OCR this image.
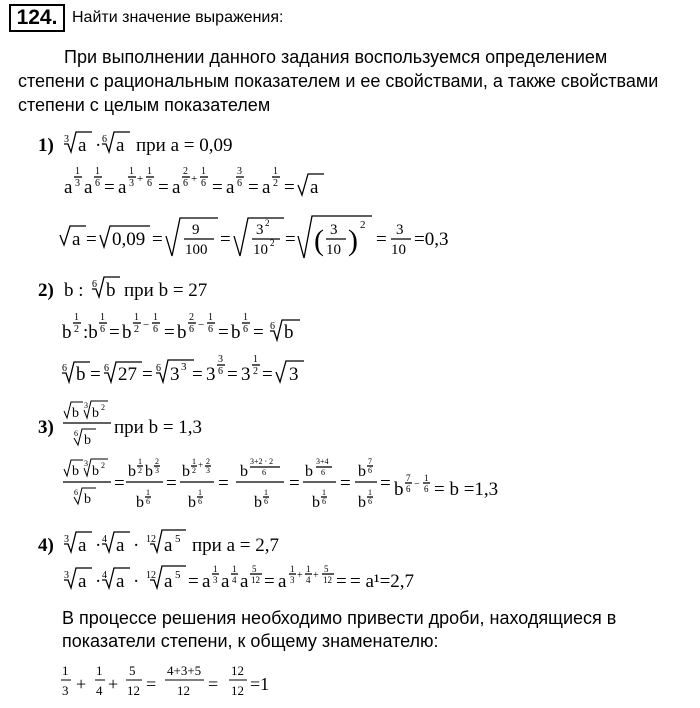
124. Найти значение выражения:
При выполнении данного задания воспользуемся определением
степени с рациональным показателем и ее свойствами, а также свойствами
степени с целым показателем
1) 3 a · 6 a при a = 0,09
a
1
3 a
1
6 = a
1
3 +
1
6 = a
2
6 +
1
6 = a
3
6 = a
1
2 = a
a = 0,09 = 9
100 = 3 2
10 2 = ( 3
10 ) 2
= 3
10 =0,3
2) b : 6 b при b = 27
b
1
2 :b
1
6 = b
1
2 −
1
6 = b
2
6 −
1
6 = b
1
6 = 6 b
6 b = 6 27 = 6 3 3 = 3
3
6 = 3
1
2 = 3
3)
b
3
b 2
6 b
при b = 1,3
b
3
b 2
6 b
=
b
1
2 b
2
3
b
1
6
=
b
1
2
+ 2
3
b
1
6
=
b
3+2 · 2
6
b
1
6
=
b
3+4
6
b
1
6
=
b
7
6
b
1
6
= b
7
6 −
1
6 = b =1,3
4) 3 a · 4 a · 12 a 5 при a = 2,7
3 a · 4 a · 12 a 5 = a
1
3 a
1
4 a
5
12 = a
1
3 +
1
4 +
5
12 = = a¹=2,7
1
3 +
1
4 +
5
12 =
4+3+5
12 =
12
12 =1
В процессе решения необходимо привести дроби, находящиеся в
показатели степени, к общему знаменателю:
